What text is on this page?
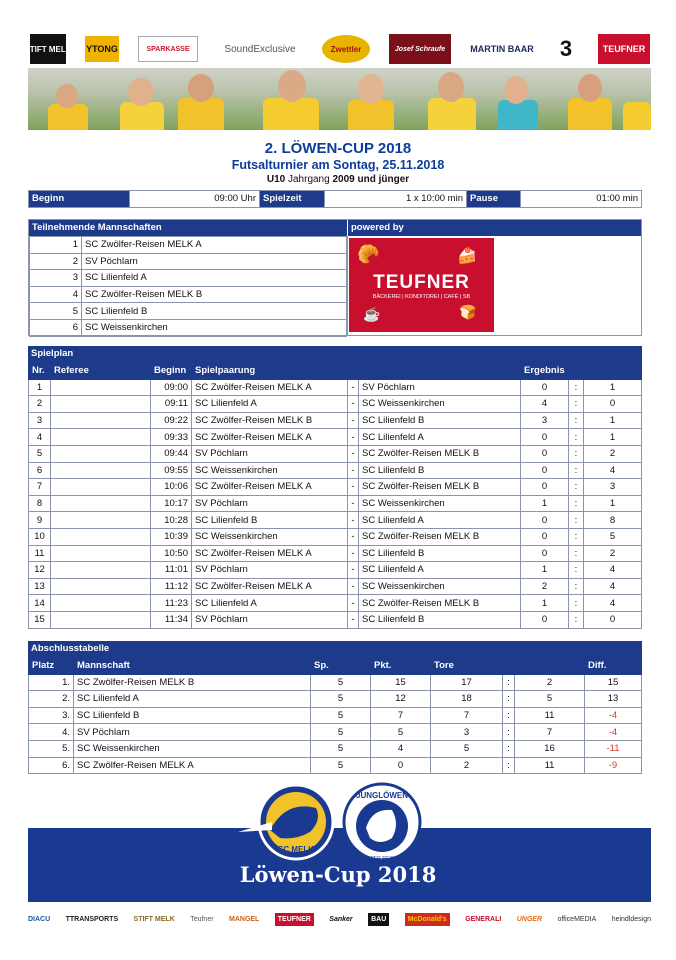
STIFT MELK YTONG	SPARKASSE	SoundExclusive	Zwettler	Josef Schraufe	MARTIN BAAR 3	TEUFNER
2. LÖWEN-CUP 2018
Futsalturnier am Sontag, 25.11.2018
U10 Jahrgang 2009 und jünger
Beginn	09:00 Uhr	Spielzeit	1 x 10:00 min	Pause	01:00 min
Teilnehmende Mannschaften	powered by
1	SC Zwölfer-Reisen MELK A
2	SV Pöchlarn
3	SC Lilienfeld A
4	SC Zwölfer-Reisen MELK B
5	SC Lilienfeld B
6	SC Weissenkirchen
🥐	🍰
TEUFNER
BÄCKEREI | KONDITOREI | CAFÉ | SB
☕	🍞
Spielplan
Nr.	Referee	Beginn	Spielpaarung			Ergebnis		
1		09:00	SC Zwölfer-Reisen MELK A	-	SV Pöchlarn	0	:	1
2		09:11	SC Lilienfeld A	-	SC Weissenkirchen	4	:	0
3		09:22	SC Zwölfer-Reisen MELK B	-	SC Lilienfeld B	3	:	1
4		09:33	SC Zwölfer-Reisen MELK A	-	SC Lilienfeld A	0	:	1
5		09:44	SV Pöchlarn	-	SC Zwölfer-Reisen MELK B	0	:	2
6		09:55	SC Weissenkirchen	-	SC Lilienfeld B	0	:	4
7		10:06	SC Zwölfer-Reisen MELK A	-	SC Zwölfer-Reisen MELK B	0	:	3
8		10:17	SV Pöchlarn	-	SC Weissenkirchen	1	:	1
9		10:28	SC Lilienfeld B	-	SC Lilienfeld A	0	:	8
10		10:39	SC Weissenkirchen	-	SC Zwölfer-Reisen MELK B	0	:	5
11		10:50	SC Zwölfer-Reisen MELK A	-	SC Lilienfeld B	0	:	2
12		11:01	SV Pöchlarn	-	SC Lilienfeld A	1	:	4
13		11:12	SC Zwölfer-Reisen MELK A	-	SC Weissenkirchen	2	:	4
14		11:23	SC Lilienfeld A	-	SC Zwölfer-Reisen MELK B	1	:	4
15		11:34	SV Pöchlarn	-	SC Lilienfeld B	0	:	0
Abschlusstabelle
Platz	Mannschaft	Sp.	Pkt.	Tore			Diff.
1.	SC Zwölfer-Reisen MELK B	5	15	17	:	2	15
2.	SC Lilienfeld A	5	12	18	:	5	13
3.	SC Lilienfeld B	5	7	7	:	11	-4
4.	SV Pöchlarn	5	5	3	:	7	-4
5.	SC Weissenkirchen	5	4	5	:	16	-11
6.	SC Zwölfer-Reisen MELK A	5	0	2	:	11	-9
SC MELK
JUNGLÖWEN
SC ZWÖLFER-REISEN MELK
Löwen-Cup 2018
DIACU TTRANSPORTS STIFT MELK Teufner MANGEL	TEUFNER	Sanker	BAU	McDonald's	GENERALI UNGER officeMEDIA heindldesign
